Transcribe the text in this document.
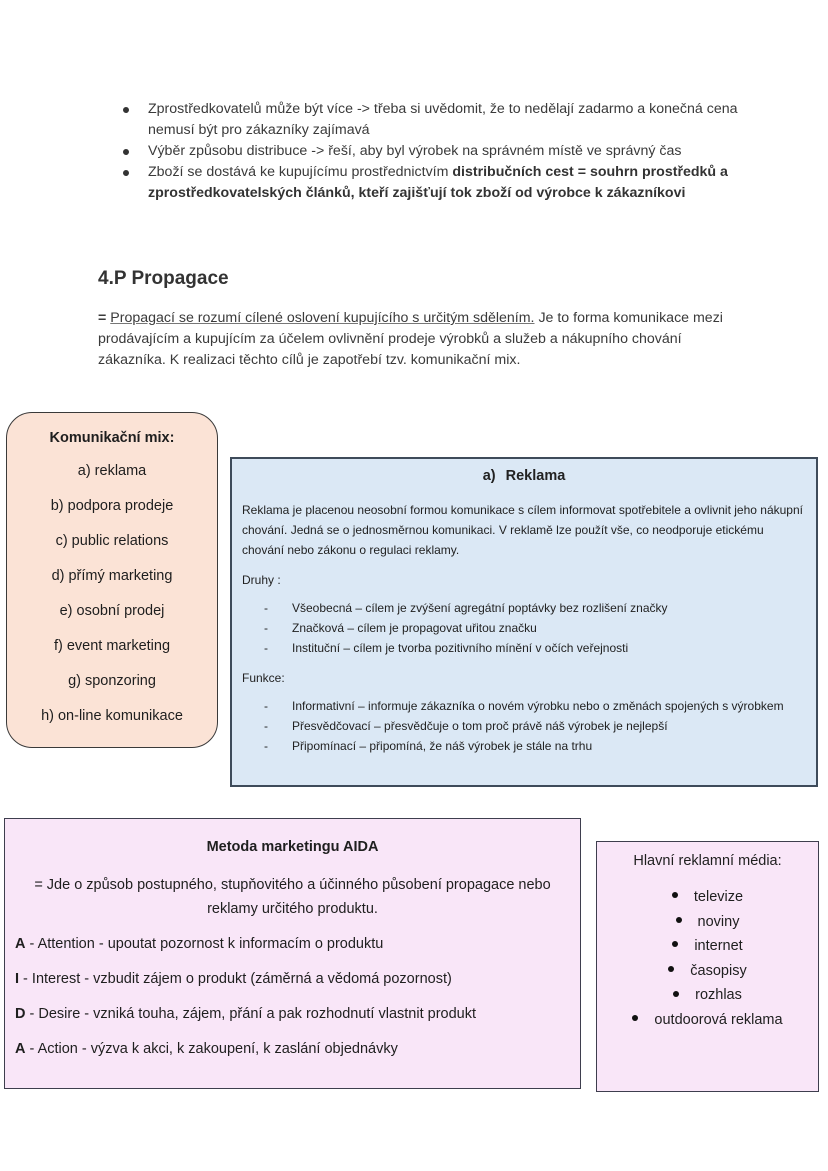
Zprostředkovatelů může být více -> třeba si uvědomit, že to nedělají zadarmo a konečná cena nemusí být pro zákazníky zajímavá
Výběr způsobu distribuce -> řeší, aby byl výrobek na správném místě ve správný čas
Zboží se dostává ke kupujícímu prostřednictvím distribučních cest = souhrn prostředků a zprostředkovatelských článků, kteří zajišťují tok zboží od výrobce k zákazníkovi
4.P Propagace
= Propagací se rozumí cílené oslovení kupujícího s určitým sdělením. Je to forma komunikace mezi prodávajícím a kupujícím za účelem ovlivnění prodeje výrobků a služeb a nákupního chování zákazníka. K realizaci těchto cílů je zapotřebí tzv. komunikační mix.
Komunikační mix:
a) reklama
b) podpora prodeje
c) public relations
d) přímý marketing
e) osobní prodej
f) event marketing
g) sponzoring
h) on-line komunikace
a) Reklama
Reklama je placenou neosobní formou komunikace s cílem informovat spotřebitele a ovlivnit jeho nákupní chování. Jedná se o jednosměrnou komunikaci. V reklamě lze použít vše, co neodporuje etickému chování nebo zákonu o regulaci reklamy.
Druhy :
- Všeobecná – cílem je zvýšení agregátní poptávky bez rozlišení značky
- Značková – cílem je propagovat uřitou značku
- Instituční – cílem je tvorba pozitivního mínění v očích veřejnosti
Funkce:
- Informativní – informuje zákazníka o novém výrobku nebo o změnách spojených s výrobkem
- Přesvědčovací – přesvědčuje o tom proč právě náš výrobek je nejlepší
- Připomínací – připomíná, že náš výrobek je stále na trhu
Metoda marketingu AIDA
= Jde o způsob postupného, stupňovitého a účinného působení propagace nebo reklamy určitého produktu.
A - Attention - upoutat pozornost k informacím o produktu
I - Interest - vzbudit zájem o produkt (záměrná a vědomá pozornost)
D - Desire - vzniká touha, zájem, přání a pak rozhodnutí vlastnit produkt
A - Action - výzva k akci, k zakoupení, k zaslání objednávky
Hlavní reklamní média:
televize
noviny
internet
časopisy
rozhlas
outdoorová reklama
